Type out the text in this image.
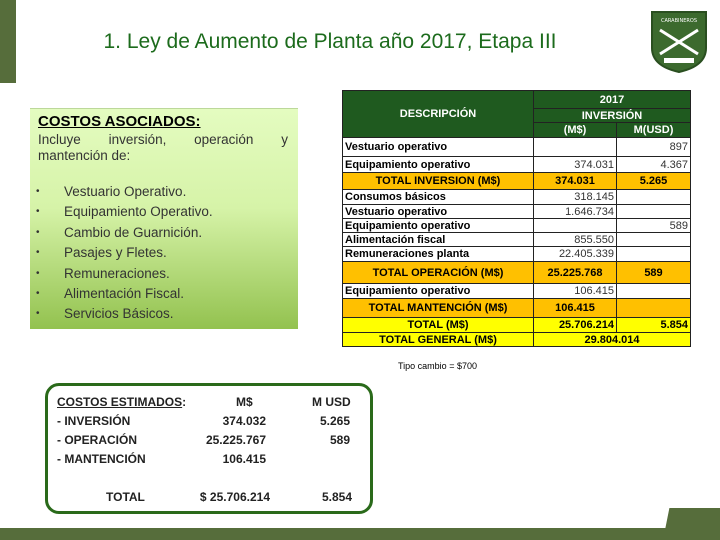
1. Ley de Aumento de Planta año 2017, Etapa III
CARABINEROS
COSTOS ASOCIADOS:
Incluye inversión, operación y mantención de:
• Vestuario Operativo.
• Equipamiento Operativo.
• Cambio de Guarnición.
• Pasajes y Fletes.
• Remuneraciones.
• Alimentación Fiscal.
• Servicios Básicos.
DESCRIPCIÓN	2017	
	INVERSIÓN	
	(M$)	M(USD)
Vestuario operativo		897
Equipamiento operativo	374.031	4.367
TOTAL INVERSION (M$)	374.031	5.265
Consumos básicos	318.145	
Vestuario operativo	1.646.734	
Equipamiento operativo		589
Alimentación fiscal	855.550	
Remuneraciones planta	22.405.339	
TOTAL OPERACIÓN (M$)	25.225.768	589
Equipamiento operativo	106.415	
TOTAL MANTENCIÓN (M$)	106.415	
TOTAL (M$)	25.706.214	5.854
TOTAL GENERAL (M$)	29.804.014	
Tipo cambio = $700
COSTOS ESTIMADOS:	M$	M USD
- INVERSIÓN	374.032	5.265
- OPERACIÓN	25.225.767	589
- MANTENCIÓN	106.415
TOTAL	$ 25.706.214	5.854
